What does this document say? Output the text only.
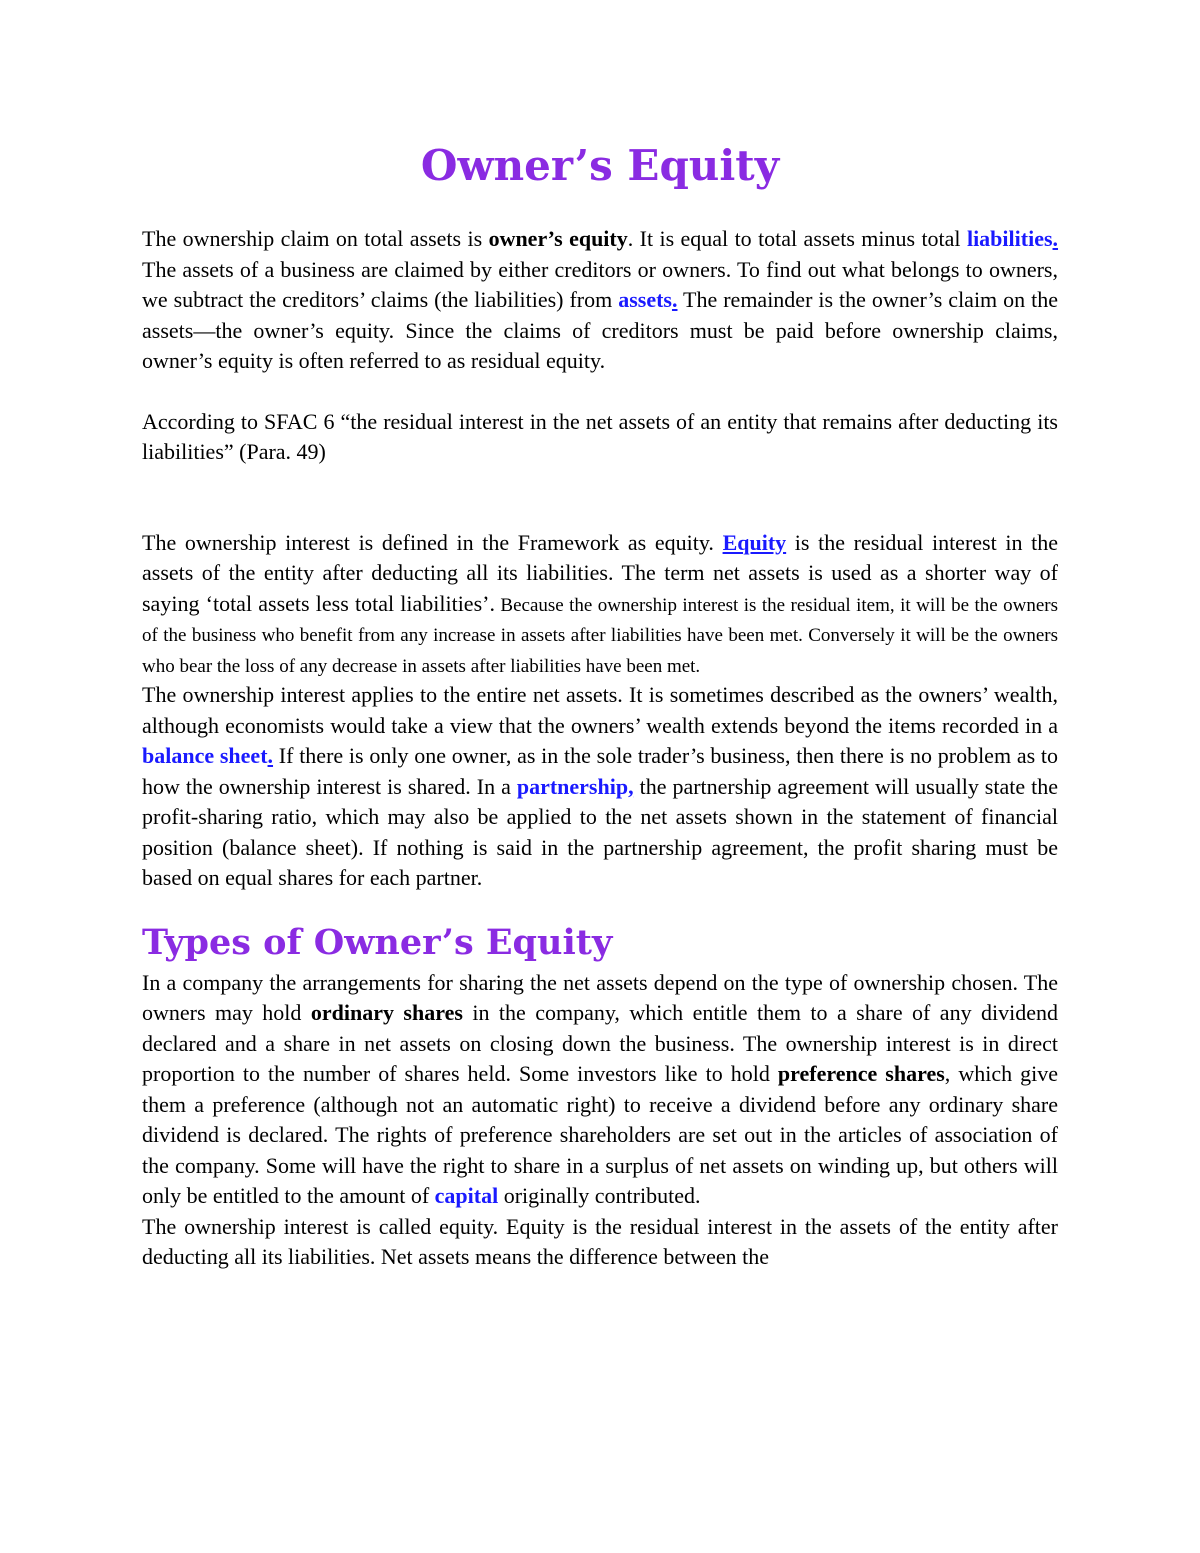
Owner’s Equity

The ownership claim on total assets is owner’s equity. It is equal to total assets minus total liabilities. The assets of a business are claimed by either creditors or owners. To find out what belongs to owners, we subtract the creditors’ claims (the liabilities) from assets. The remainder is the owner’s claim on the assets—the owner’s equity. Since the claims of creditors must be paid before ownership claims, owner’s equity is often referred to as residual equity.

According to SFAC 6 “the residual interest in the net assets of an entity that remains after deducting its liabilities” (Para. 49)

The ownership interest is defined in the Framework as equity. Equity is the residual interest in the assets of the entity after deducting all its liabilities. The term net assets is used as a shorter way of saying ‘total assets less total liabilities’. Because the ownership interest is the residual item, it will be the owners of the business who benefit from any increase in assets after liabilities have been met. Conversely it will be the owners who bear the loss of any decrease in assets after liabilities have been met.

The ownership interest applies to the entire net assets. It is sometimes described as the owners’ wealth, although economists would take a view that the owners’ wealth extends beyond the items recorded in a balance sheet. If there is only one owner, as in the sole trader’s business, then there is no problem as to how the ownership interest is shared. In a partnership, the partnership agreement will usually state the profit-sharing ratio, which may also be applied to the net assets shown in the statement of financial position (balance sheet). If nothing is said in the partnership agreement, the profit sharing must be based on equal shares for each partner.

Types of Owner’s Equity

In a company the arrangements for sharing the net assets depend on the type of ownership chosen. The owners may hold ordinary shares in the company, which entitle them to a share of any dividend declared and a share in net assets on closing down the business. The ownership interest is in direct proportion to the number of shares held. Some investors like to hold preference shares, which give them a preference (although not an automatic right) to receive a dividend before any ordinary share dividend is declared. The rights of preference shareholders are set out in the articles of association of the company. Some will have the right to share in a surplus of net assets on winding up, but others will only be entitled to the amount of capital originally contributed.

The ownership interest is called equity. Equity is the residual interest in the assets of the entity after deducting all its liabilities. Net assets means the difference between the
